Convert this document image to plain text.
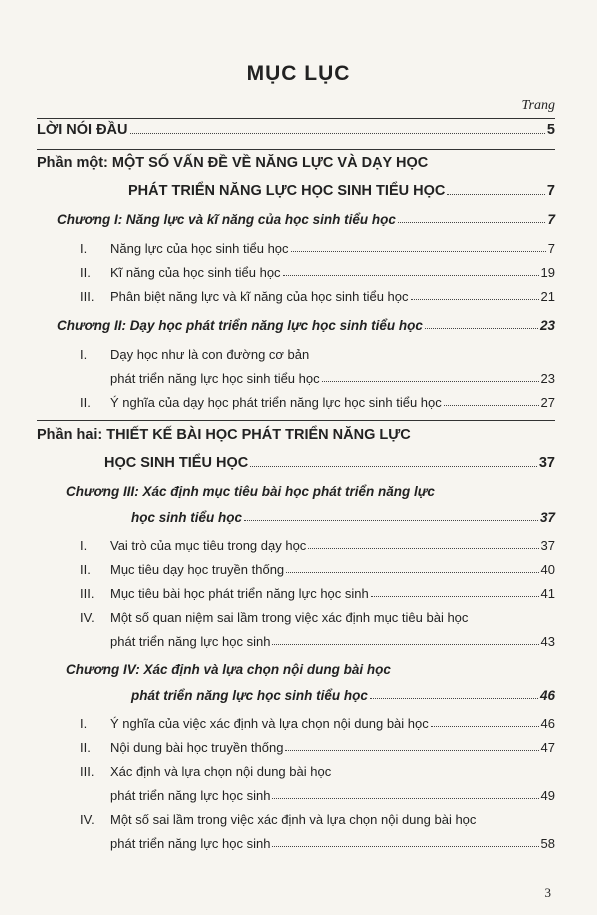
MỤC LỤC
Trang
LỜI NÓI ĐẦU	5
Phần một: MỘT SỐ VẤN ĐỀ VỀ NĂNG LỰC VÀ DẠY HỌC
PHÁT TRIỂN NĂNG LỰC HỌC SINH TIỂU HỌC	7
Chương I: Năng lực và kĩ năng của học sinh tiểu học	7
I. Năng lực của học sinh tiểu học	7
II. Kĩ năng của học sinh tiểu học	19
III. Phân biệt năng lực và kĩ năng của học sinh tiểu học	21
Chương II: Dạy học phát triển năng lực học sinh tiểu học	23
I. Dạy học như là con đường cơ bản
phát triển năng lực học sinh tiểu học	23
II. Ý nghĩa của dạy học phát triển năng lực học sinh tiểu học	27
Phần hai: THIẾT KẾ BÀI HỌC PHÁT TRIỂN NĂNG LỰC
HỌC SINH TIỂU HỌC	37
Chương III: Xác định mục tiêu bài học phát triển năng lực
học sinh tiểu học	37
I. Vai trò của mục tiêu trong dạy học	37
II. Mục tiêu dạy học truyền thống	40
III. Mục tiêu bài học phát triển năng lực học sinh	41
IV. Một số quan niệm sai lầm trong việc xác định mục tiêu bài học
phát triển năng lực học sinh	43
Chương IV: Xác định và lựa chọn nội dung bài học
phát triển năng lực học sinh tiểu học	46
I. Ý nghĩa của việc xác định và lựa chọn nội dung bài học	46
II. Nội dung bài học truyền thống	47
III. Xác định và lựa chọn nội dung bài học
phát triển năng lực học sinh	49
IV. Một số sai lầm trong việc xác định và lựa chọn nội dung bài học
phát triển năng lực học sinh	58
3
